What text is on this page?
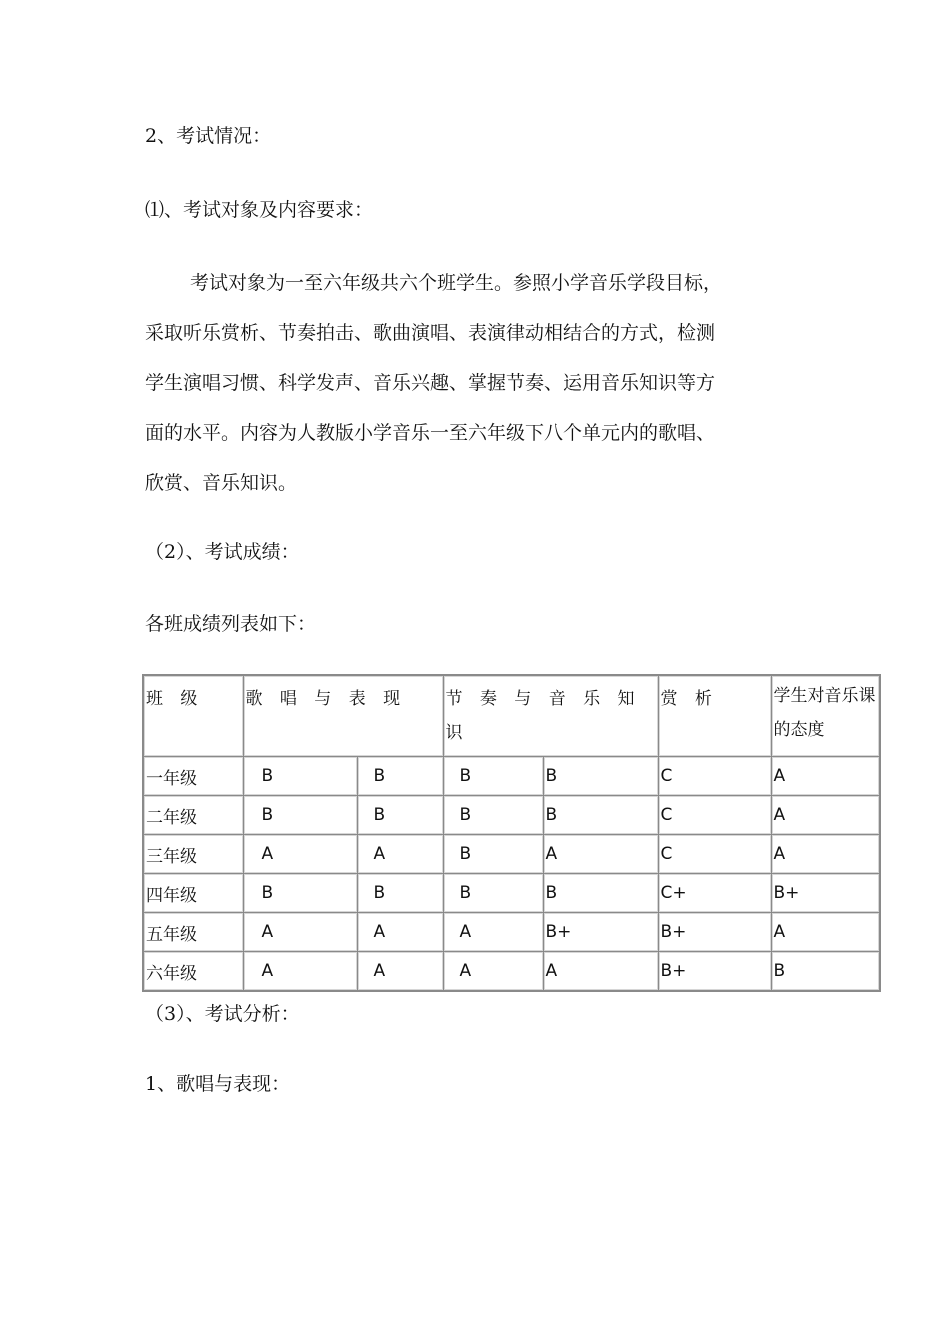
2、考试情况：
⑴、考试对象及内容要求：
考试对象为一至六年级共六个班学生。参照小学音乐学段目标，
采取听乐赏析、节奏拍击、歌曲演唱、表演律动相结合的方式，检测
学生演唱习惯、科学发声、音乐兴趣、掌握节奏、运用音乐知识等方
面的水平。内容为人教版小学音乐一至六年级下八个单元内的歌唱、
欣赏、音乐知识。
（2）、考试成绩：
各班成绩列表如下：
班 级	歌 唱 与 表 现		节 奏 与 音 乐 知 识		赏 析	学生对音乐课的态度
一年级	B	B	B	B	C	A
二年级	B	B	B	B	C	A
三年级	A	A	B	A	C	A
四年级	B	B	B	B	C+	B+
五年级	A	A	A	B+	B+	A
六年级	A	A	A	A	B+	B
（3）、考试分析：
1、歌唱与表现：
